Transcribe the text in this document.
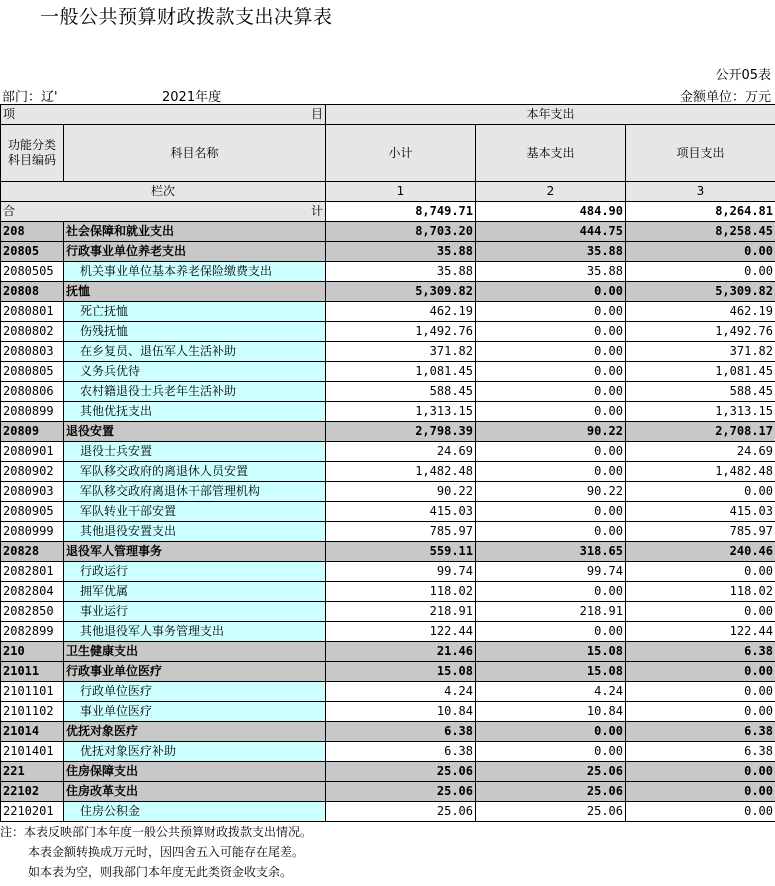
一般公共预算财政拨款支出决算表
公开05表
部门：辽'	2021年度	金额单位：万元
项 目		本年支出		
功能分类科目编码	科目名称	小计	基本支出	项目支出
栏次		1	2	3

合 计		8,749.71	484.90	8,264.81
208	社会保障和就业支出	8,703.20	444.75	8,258.45
20805	行政事业单位养老支出	35.88	35.88	0.00
2080505	机关事业单位基本养老保险缴费支出	35.88	35.88	0.00
20808	抚恤	5,309.82	0.00	5,309.82
2080801	死亡抚恤	462.19	0.00	462.19
2080802	伤残抚恤	1,492.76	0.00	1,492.76
2080803	在乡复员、退伍军人生活补助	371.82	0.00	371.82
2080805	义务兵优待	1,081.45	0.00	1,081.45
2080806	农村籍退役士兵老年生活补助	588.45	0.00	588.45
2080899	其他优抚支出	1,313.15	0.00	1,313.15
20809	退役安置	2,798.39	90.22	2,708.17
2080901	退役士兵安置	24.69	0.00	24.69
2080902	军队移交政府的离退休人员安置	1,482.48	0.00	1,482.48
2080903	军队移交政府离退休干部管理机构	90.22	90.22	0.00
2080905	军队转业干部安置	415.03	0.00	415.03
2080999	其他退役安置支出	785.97	0.00	785.97
20828	退役军人管理事务	559.11	318.65	240.46
2082801	行政运行	99.74	99.74	0.00
2082804	拥军优属	118.02	0.00	118.02
2082850	事业运行	218.91	218.91	0.00
2082899	其他退役军人事务管理支出	122.44	0.00	122.44
210	卫生健康支出	21.46	15.08	6.38
21011	行政事业单位医疗	15.08	15.08	0.00
2101101	行政单位医疗	4.24	4.24	0.00
2101102	事业单位医疗	10.84	10.84	0.00
21014	优抚对象医疗	6.38	0.00	6.38
2101401	优抚对象医疗补助	6.38	0.00	6.38
221	住房保障支出	25.06	25.06	0.00
22102	住房改革支出	25.06	25.06	0.00
2210201	住房公积金	25.06	25.06	0.00
注：本表反映部门本年度一般公共预算财政拨款支出情况。
本表金额转换成万元时，因四舍五入可能存在尾差。
如本表为空，则我部门本年度无此类资金收支余。
